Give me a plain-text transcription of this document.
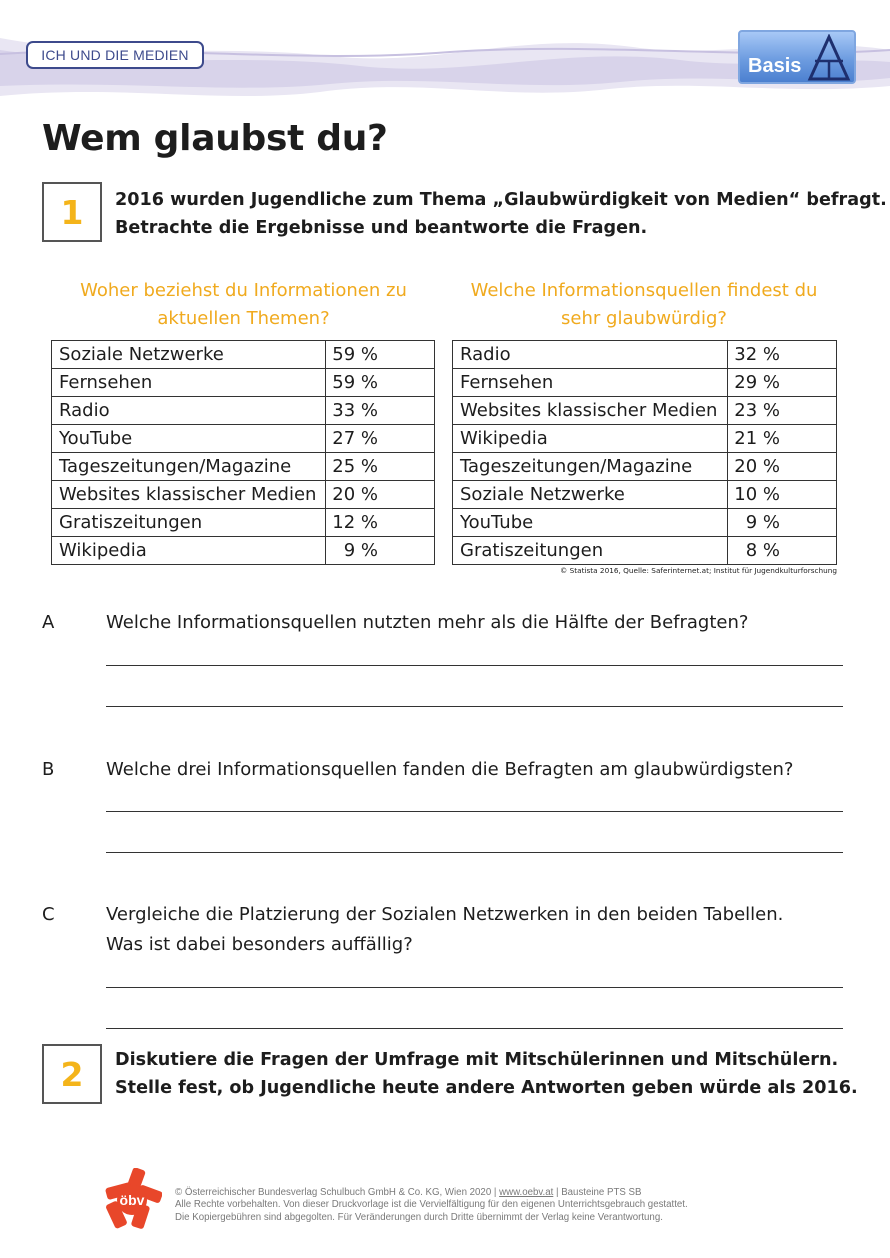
ICH UND DIE MEDIEN	Basis
Wem glaubst du?
1	2016 wurden Jugendliche zum Thema „Glaubwürdigkeit von Medien“ befragt.
Betrachte die Ergebnisse und beantworte die Fragen.
Woher beziehst du Informationen zu
aktuellen Themen?
Soziale Netzwerke	59 %
Fernsehen	59 %
Radio	33 %
YouTube	27 %
Tageszeitungen/Magazine	25 %
Websites klassischer Medien	20 %
Gratiszeitungen	12 %
Wikipedia	9 %
Welche Informationsquellen findest du
sehr glaubwürdig?
Radio	32 %
Fernsehen	29 %
Websites klassischer Medien	23 %
Wikipedia	21 %
Tageszeitungen/Magazine	20 %
Soziale Netzwerke	10 %
YouTube	9 %
Gratiszeitungen	8 %
© Statista 2016, Quelle: Saferinternet.at; Institut für Jugendkulturforschung
A	Welche Informationsquellen nutzten mehr als die Hälfte der Befragten?
B	Welche drei Informationsquellen fanden die Befragten am glaubwürdigsten?
C	Vergleiche die Platzierung der Sozialen Netzwerken in den beiden Tabellen.
Was ist dabei besonders auffällig?
2	Diskutiere die Fragen der Umfrage mit Mitschülerinnen und Mitschülern.
Stelle fest, ob Jugendliche heute andere Antworten geben würde als 2016.
öbv	© Österreichischer Bundesverlag Schulbuch GmbH & Co. KG, Wien 2020 | www.oebv.at | Bausteine PTS SB
Alle Rechte vorbehalten. Von dieser Druckvorlage ist die Vervielfältigung für den eigenen Unterrichtsgebrauch gestattet.
Die Kopiergebühren sind abgegolten. Für Veränderungen durch Dritte übernimmt der Verlag keine Verantwortung.
